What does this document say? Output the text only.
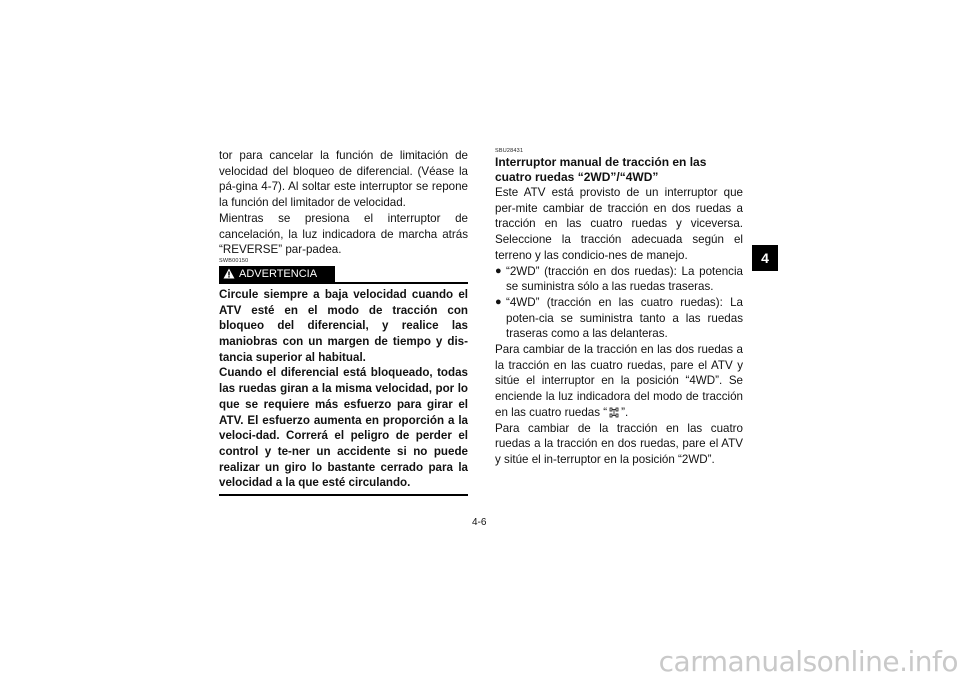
tor para cancelar la función de limitación de velocidad del bloqueo de diferencial. (Véase la pá-gina 4-7). Al soltar este interruptor se repone la función del limitador de velocidad.

Mientras se presiona el interruptor de cancelación, la luz indicadora de marcha atrás “REVERSE” par-padea.

SWB00150
ADVERTENCIA
Circule siempre a baja velocidad cuando el ATV esté en el modo de tracción con bloqueo del diferencial, y realice las maniobras con un margen de tiempo y dis-tancia superior al habitual.
Cuando el diferencial está bloqueado, todas las ruedas giran a la misma velocidad, por lo que se requiere más esfuerzo para girar el ATV. El esfuerzo aumenta en proporción a la veloci-dad. Correrá el peligro de perder el control y te-ner un accidente si no puede realizar un giro lo bastante cerrado para la velocidad a la que esté circulando.
SBU28431

Interruptor manual de tracción en las cuatro ruedas “2WD”/“4WD”

Este ATV está provisto de un interruptor que per-mite cambiar de tracción en dos ruedas a tracción en las cuatro ruedas y viceversa. Seleccione la tracción adecuada según el terreno y las condicio-nes de manejo.

● “2WD” (tracción en dos ruedas): La potencia se suministra sólo a las ruedas traseras.
● “4WD” (tracción en las cuatro ruedas): La poten-cia se suministra tanto a las ruedas traseras como a las delanteras.

Para cambiar de la tracción en las dos ruedas a la tracción en las cuatro ruedas, pare el ATV y sitúe el interruptor en la posición “4WD”. Se enciende la luz indicadora del modo de tracción en las cuatro ruedas “ ”.

Para cambiar de la tracción en las cuatro ruedas a la tracción en dos ruedas, pare el ATV y sitúe el in-terruptor en la posición “2WD”.

4
4-6
carmanualsonline.info
